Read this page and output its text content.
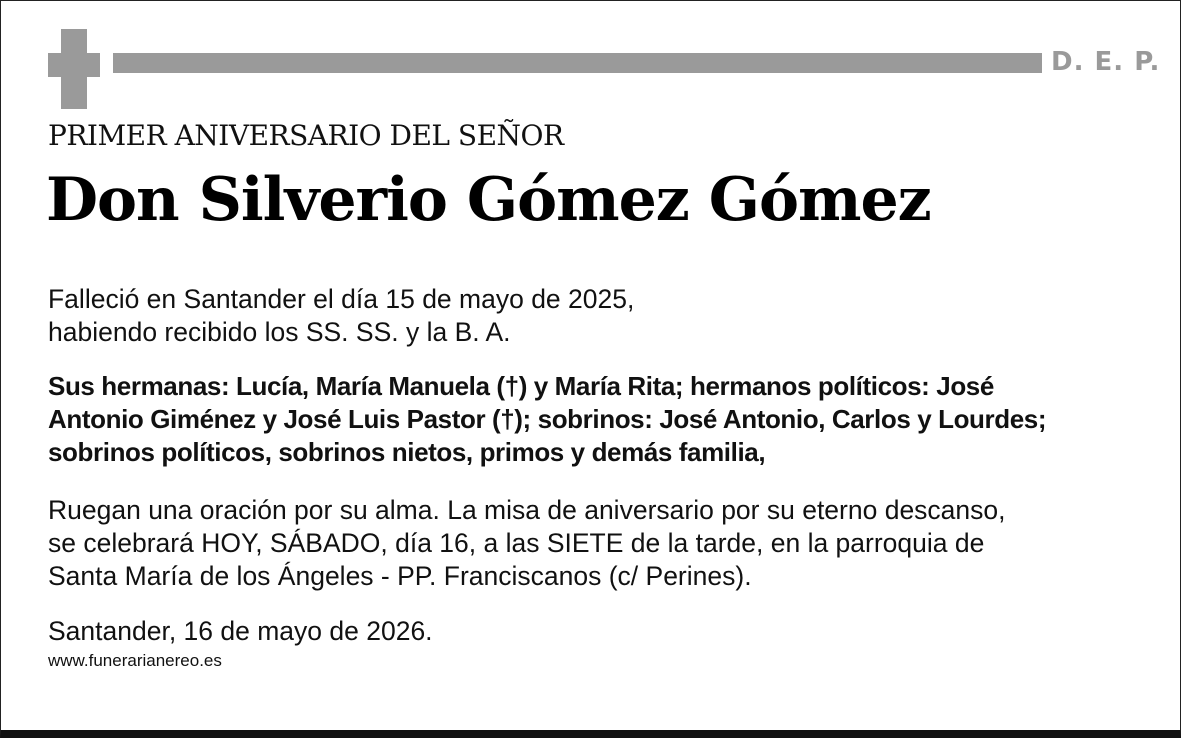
D. E. P.
PRIMER ANIVERSARIO DEL SEÑOR
Don Silverio Gómez Gómez

Falleció en Santander el día 15 de mayo de 2025,
habiendo recibido los SS. SS. y la B. A.

Sus hermanas: Lucía, María Manuela (†) y María Rita; hermanos políticos: José
Antonio Giménez y José Luis Pastor (†); sobrinos: José Antonio, Carlos y Lourdes;
sobrinos políticos, sobrinos nietos, primos y demás familia,

Ruegan una oración por su alma. La misa de aniversario por su eterno descanso,
se celebrará HOY, SÁBADO, día 16, a las SIETE de la tarde, en la parroquia de
Santa María de los Ángeles - PP. Franciscanos (c/ Perines).

Santander, 16 de mayo de 2026.

www.funerarianereo.es
